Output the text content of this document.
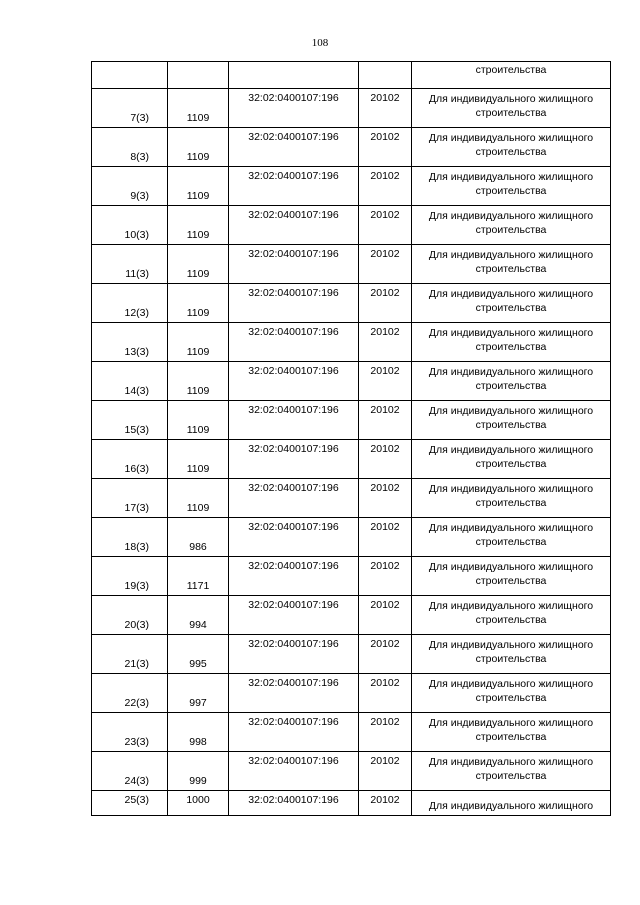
108

				строительства

7(3)	1109	32:02:0400107:196	20102	Для индивидуального жилищного строительства

8(3)	1109	32:02:0400107:196	20102	Для индивидуального жилищного строительства

9(3)	1109	32:02:0400107:196	20102	Для индивидуального жилищного строительства

10(3)	1109	32:02:0400107:196	20102	Для индивидуального жилищного строительства

11(3)	1109	32:02:0400107:196	20102	Для индивидуального жилищного строительства

12(3)	1109	32:02:0400107:196	20102	Для индивидуального жилищного строительства

13(3)	1109	32:02:0400107:196	20102	Для индивидуального жилищного строительства

14(3)	1109	32:02:0400107:196	20102	Для индивидуального жилищного строительства

15(3)	1109	32:02:0400107:196	20102	Для индивидуального жилищного строительства

16(3)	1109	32:02:0400107:196	20102	Для индивидуального жилищного строительства

17(3)	1109	32:02:0400107:196	20102	Для индивидуального жилищного строительства

18(3)	986	32:02:0400107:196	20102	Для индивидуального жилищного строительства

19(3)	1171	32:02:0400107:196	20102	Для индивидуального жилищного строительства

20(3)	994	32:02:0400107:196	20102	Для индивидуального жилищного строительства

21(3)	995	32:02:0400107:196	20102	Для индивидуального жилищного строительства

22(3)	997	32:02:0400107:196	20102	Для индивидуального жилищного строительства

23(3)	998	32:02:0400107:196	20102	Для индивидуального жилищного строительства

24(3)	999	32:02:0400107:196	20102	Для индивидуального жилищного строительства

25(3)	1000	32:02:0400107:196	20102	Для индивидуального жилищного
